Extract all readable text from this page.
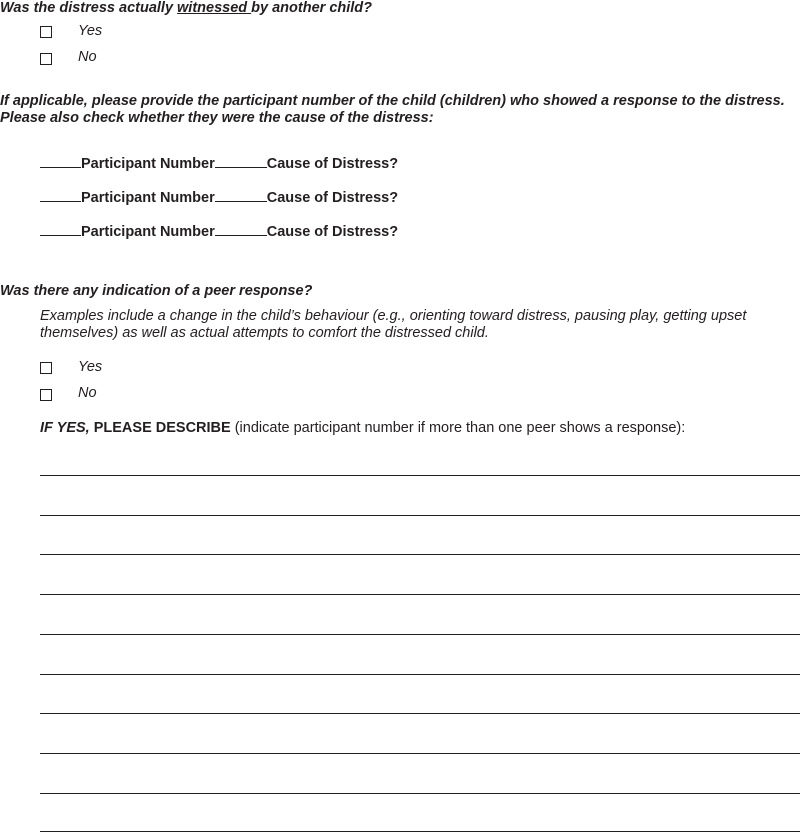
Was the distress actually witnessed by another child?
Yes
No
If applicable, please provide the participant number of the child (children) who showed a response to the distress. Please also check whether they were the cause of the distress:
Participant Number	Cause of Distress?
Participant Number	Cause of Distress?
Participant Number	Cause of Distress?
Was there any indication of a peer response?
Examples include a change in the child’s behaviour (e.g., orienting toward distress, pausing play, getting upset themselves) as well as actual attempts to comfort the distressed child.
Yes
No
IF YES, PLEASE DESCRIBE (indicate participant number if more than one peer shows a response):
